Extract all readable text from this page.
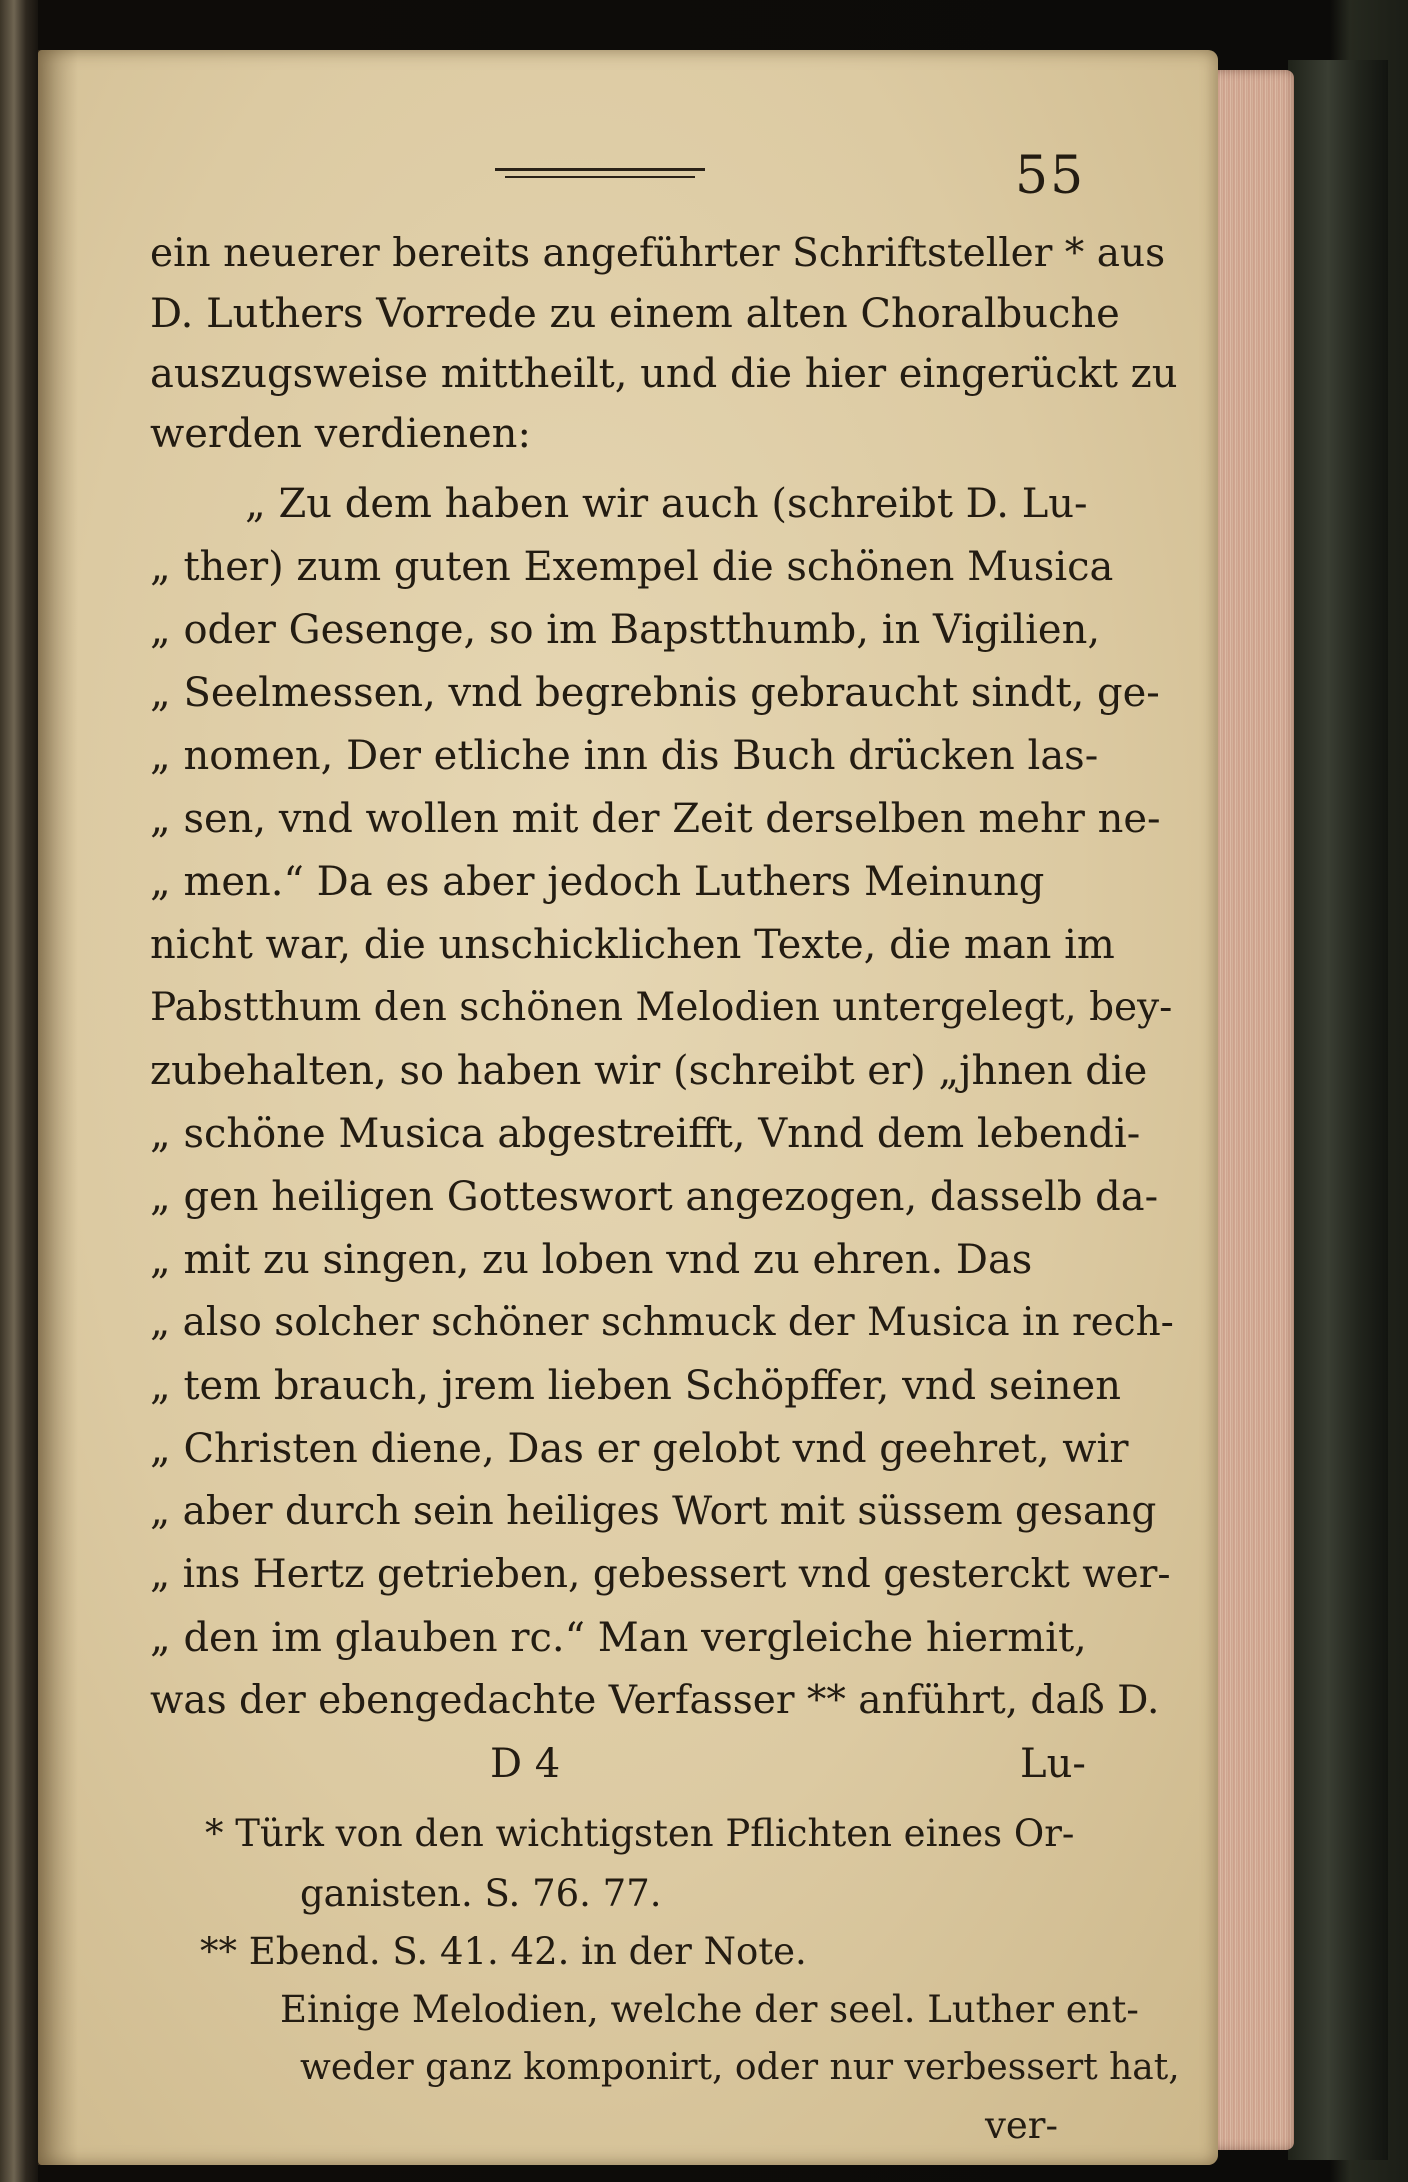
55
ein neuerer bereits angeführter Schriftsteller * aus
D. Luthers Vorrede zu einem alten Choralbuche
auszugsweise mittheilt, und die hier eingerückt zu
werden verdienen:
„ Zu dem haben wir auch (schreibt D. Lu-
„ ther) zum guten Exempel die schönen Musica
„ oder Gesenge, so im Bapstthumb, in Vigilien,
„ Seelmessen, vnd begrebnis gebraucht sindt, ge-
„ nomen, Der etliche inn dis Buch drücken las-
„ sen, vnd wollen mit der Zeit derselben mehr ne-
„ men.“ Da es aber jedoch Luthers Meinung
nicht war, die unschicklichen Texte, die man im
Pabstthum den schönen Melodien untergelegt, bey-
zubehalten, so haben wir (schreibt er) „jhnen die
„ schöne Musica abgestreifft, Vnnd dem lebendi-
„ gen heiligen Gotteswort angezogen, dasselb da-
„ mit zu singen, zu loben vnd zu ehren. Das
„ also solcher schöner schmuck der Musica in rech-
„ tem brauch, jrem lieben Schöpffer, vnd seinen
„ Christen diene, Das er gelobt vnd geehret, wir
„ aber durch sein heiliges Wort mit süssem gesang
„ ins Hertz getrieben, gebessert vnd gesterckt wer-
„ den im glauben rc.“ Man vergleiche hiermit,
was der ebengedachte Verfasser ** anführt, daß D.
D 4	Lu-
* Türk von den wichtigsten Pflichten eines Or-
ganisten. S. 76. 77.
** Ebend. S. 41. 42. in der Note.
Einige Melodien, welche der seel. Luther ent-
weder ganz komponirt, oder nur verbessert hat,
ver-
